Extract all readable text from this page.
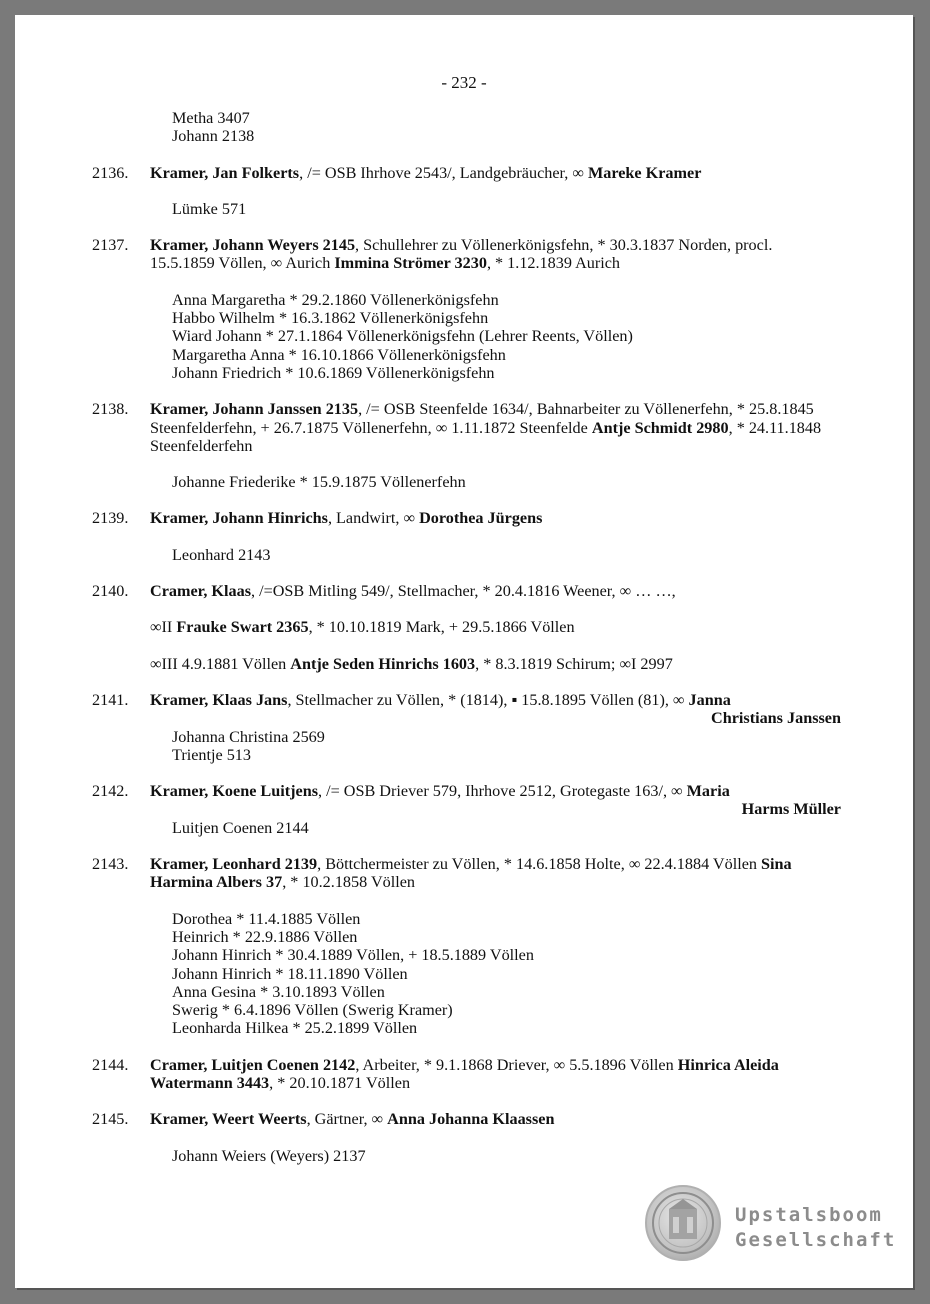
- 232 -
Metha 3407
Johann 2138
2136.	Kramer, Jan Folkerts, /= OSB Ihrhove 2543/, Landgebräucher, ∞ Mareke Kramer

Lümke 571
2137.	Kramer, Johann Weyers 2145, Schullehrer zu Völlenerkönigsfehn, * 30.3.1837 Norden, procl. 15.5.1859 Völlen, ∞ Aurich Immina Strömer 3230, * 1.12.1839 Aurich

Anna Margaretha * 29.2.1860 Völlenerkönigsfehn
Habbo Wilhelm * 16.3.1862 Völlenerkönigsfehn
Wiard Johann * 27.1.1864 Völlenerkönigsfehn (Lehrer Reents, Völlen)
Margaretha Anna * 16.10.1866 Völlenerkönigsfehn
Johann Friedrich * 10.6.1869 Völlenerkönigsfehn
2138.	Kramer, Johann Janssen 2135, /= OSB Steenfelde 1634/, Bahnarbeiter zu Völlenerfehn, * 25.8.1845 Steenfelderfehn, + 26.7.1875 Völlenerfehn, ∞ 1.11.1872 Steenfelde Antje Schmidt 2980, * 24.11.1848 Steenfelderfehn

Johanne Friederike * 15.9.1875 Völlenerfehn
2139.	Kramer, Johann Hinrichs, Landwirt, ∞ Dorothea Jürgens

Leonhard 2143
2140.	Cramer, Klaas, /=OSB Mitling 549/, Stellmacher, * 20.4.1816 Weener, ∞ … …,

∞II Frauke Swart 2365, * 10.10.1819 Mark, + 29.5.1866 Völlen

∞III 4.9.1881 Völlen Antje Seden Hinrichs 1603, * 8.3.1819 Schirum; ∞I 2997

2141.	Kramer, Klaas Jans, Stellmacher zu Völlen, * (1814), ▪ 15.8.1895 Völlen (81), ∞ Janna

Christians Janssen

Johanna Christina 2569
Trientje 513
2142.	Kramer, Koene Luitjens, /= OSB Driever 579, Ihrhove 2512, Grotegaste 163/, ∞ Maria

Harms Müller

Luitjen Coenen 2144
2143.	Kramer, Leonhard 2139, Böttchermeister zu Völlen, * 14.6.1858 Holte, ∞ 22.4.1884 Völlen Sina Harmina Albers 37, * 10.2.1858 Völlen

Dorothea * 11.4.1885 Völlen
Heinrich * 22.9.1886 Völlen
Johann Hinrich * 30.4.1889 Völlen, + 18.5.1889 Völlen
Johann Hinrich * 18.11.1890 Völlen
Anna Gesina * 3.10.1893 Völlen
Swerig * 6.4.1896 Völlen (Swerig Kramer)
Leonharda Hilkea * 25.2.1899 Völlen
2144.	Cramer, Luitjen Coenen 2142, Arbeiter, * 9.1.1868 Driever, ∞ 5.5.1896 Völlen Hinrica Aleida Watermann 3443, * 20.10.1871 Völlen

2145.	Kramer, Weert Weerts, Gärtner, ∞ Anna Johanna Klaassen

Johann Weiers (Weyers) 2137
Upstalsboom
Gesellschaft
